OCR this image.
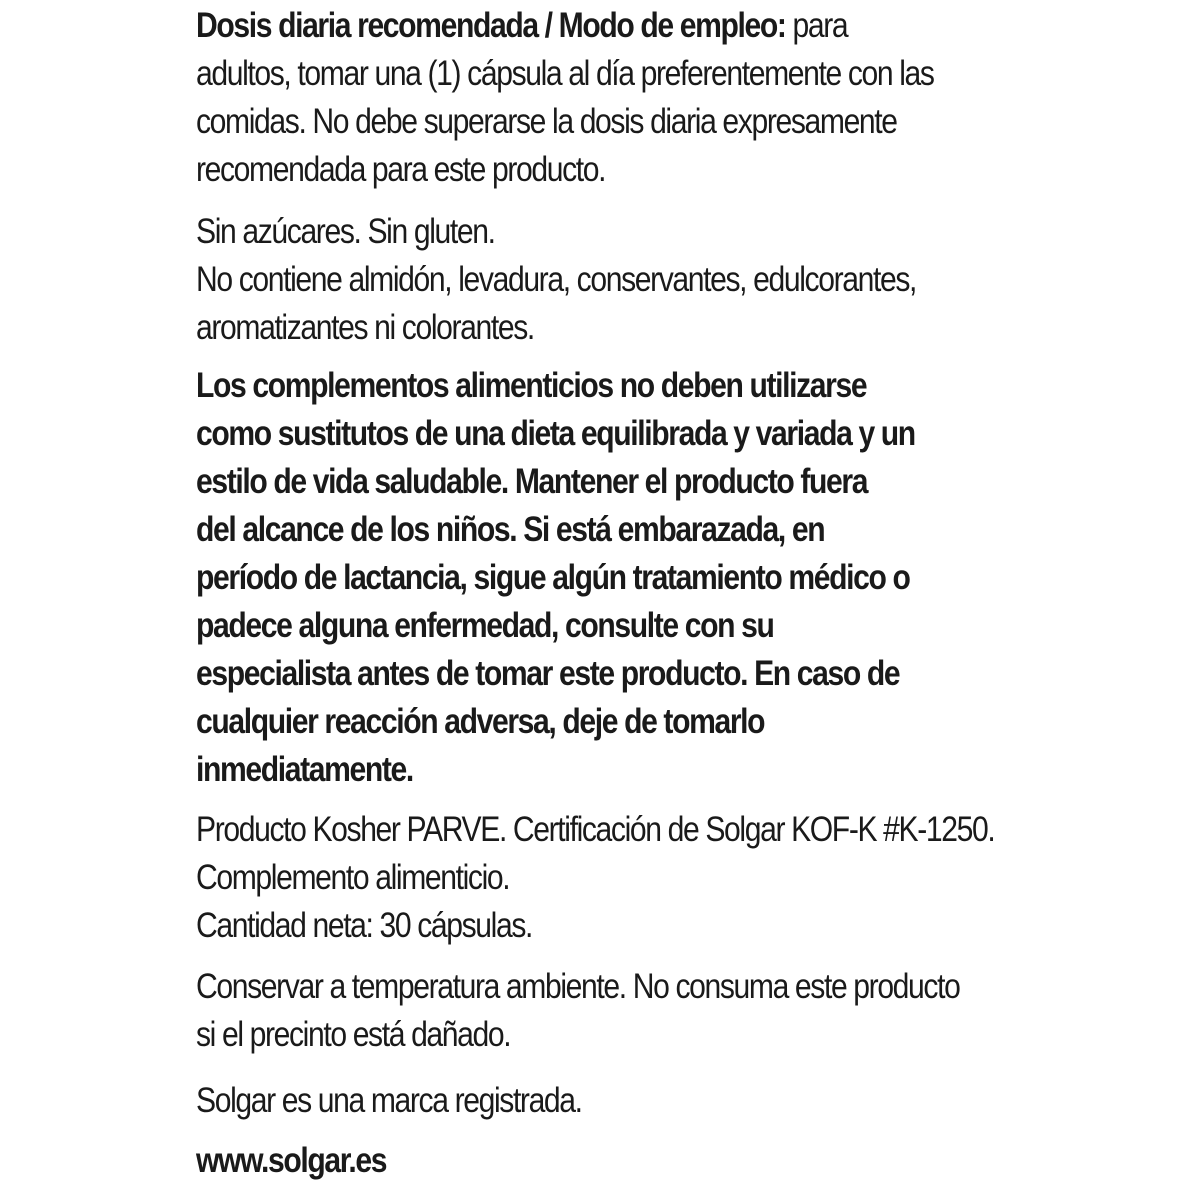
Dosis diaria recomendada / Modo de empleo: para
adultos, tomar una (1) cápsula al día preferentemente con las
comidas. No debe superarse la dosis diaria expresamente
recomendada para este producto.
Sin azúcares. Sin gluten.
No contiene almidón, levadura, conservantes, edulcorantes,
aromatizantes ni colorantes.
Los complementos alimenticios no deben utilizarse
como sustitutos de una dieta equilibrada y variada y un
estilo de vida saludable. Mantener el producto fuera
del alcance de los niños. Si está embarazada, en
período de lactancia, sigue algún tratamiento médico o
padece alguna enfermedad, consulte con su
especialista antes de tomar este producto. En caso de
cualquier reacción adversa, deje de tomarlo
inmediatamente.
Producto Kosher PARVE. Certificación de Solgar KOF-K #K-1250.
Complemento alimenticio.
Cantidad neta: 30 cápsulas.
Conservar a temperatura ambiente. No consuma este producto
si el precinto está dañado.
Solgar es una marca registrada.
www.solgar.es
